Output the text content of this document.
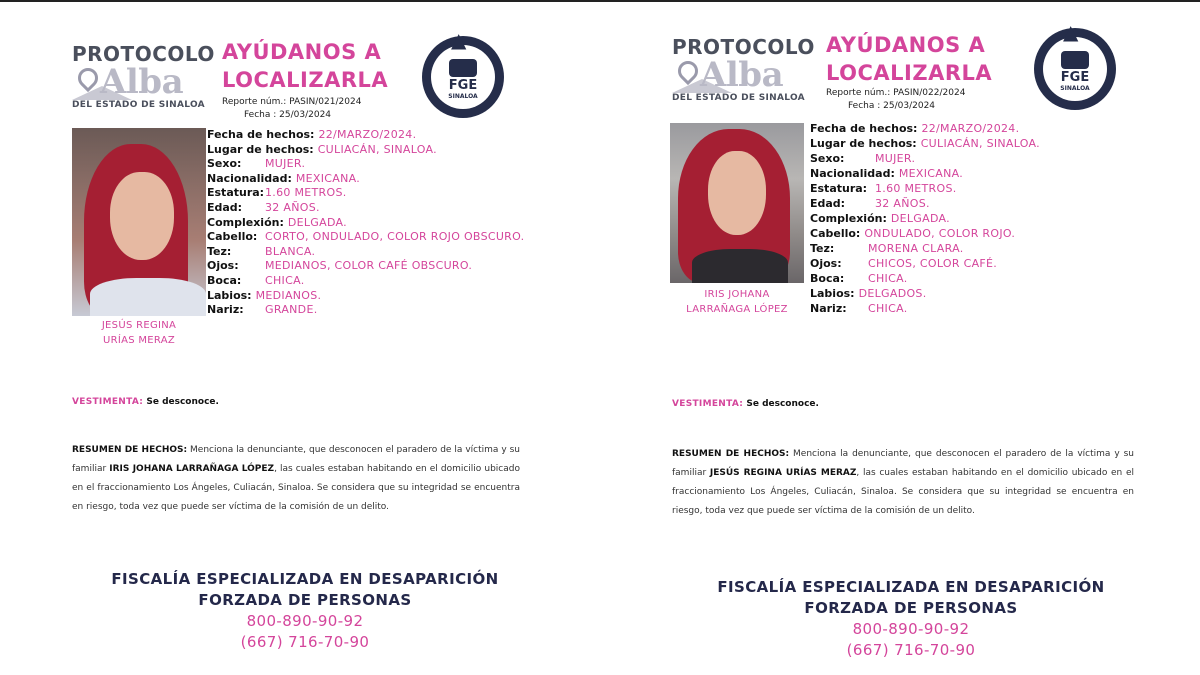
PROTOCOLO
Alba
DEL ESTADO DE SINALOA
AYÚDANOS A
LOCALIZARLA
Reporte núm.: PASIN/021/2024
Fecha : 25/03/2024
FGE
SINALOA
▲
JESÚS REGINA
URÍAS MERAZ
Fecha de hechos: 22/MARZO/2024.
Lugar de hechos: CULIACÁN, SINALOA.
Sexo:	MUJER.
Nacionalidad: MEXICANA.
Estatura: 1.60 METROS.
Edad:	32 AÑOS.
Complexión: DELGADA.
Cabello: CORTO, ONDULADO, COLOR ROJO OBSCURO.
Tez:	BLANCA.
Ojos:	MEDIANOS, COLOR CAFÉ OBSCURO.
Boca:	CHICA.
Labios: MEDIANOS.
Nariz:	GRANDE.
VESTIMENTA: Se desconoce.
RESUMEN DE HECHOS: Menciona la denunciante, que desconocen el paradero de la víctima y su familiar IRIS JOHANA LARRAÑAGA LÓPEZ, las cuales estaban habitando en el domicilio ubicado en el fraccionamiento Los Ángeles, Culiacán, Sinaloa. Se considera que su integridad se encuentra en riesgo, toda vez que puede ser víctima de la comisión de un delito.
FISCALÍA ESPECIALIZADA EN DESAPARICIÓN
FORZADA DE PERSONAS
800-890-90-92
(667) 716-70-90
PROTOCOLO
Alba
DEL ESTADO DE SINALOA
AYÚDANOS A
LOCALIZARLA
Reporte núm.: PASIN/022/2024
Fecha : 25/03/2024
FGE
SINALOA
▲
IRIS JOHANA
LARRAÑAGA LÓPEZ
Fecha de hechos: 22/MARZO/2024.
Lugar de hechos: CULIACÁN, SINALOA.
Sexo:	MUJER.
Nacionalidad: MEXICANA.
Estatura: 1.60 METROS.
Edad:	32 AÑOS.
Complexión: DELGADA.
Cabello: ONDULADO, COLOR ROJO.
Tez:	MORENA CLARA.
Ojos:	CHICOS, COLOR CAFÉ.
Boca:	CHICA.
Labios: DELGADOS.
Nariz:	CHICA.
VESTIMENTA: Se desconoce.
RESUMEN DE HECHOS: Menciona la denunciante, que desconocen el paradero de la víctima y su familiar JESÚS REGINA URÍAS MERAZ, las cuales estaban habitando en el domicilio ubicado en el fraccionamiento Los Ángeles, Culiacán, Sinaloa. Se considera que su integridad se encuentra en riesgo, toda vez que puede ser víctima de la comisión de un delito.
FISCALÍA ESPECIALIZADA EN DESAPARICIÓN
FORZADA DE PERSONAS
800-890-90-92
(667) 716-70-90
